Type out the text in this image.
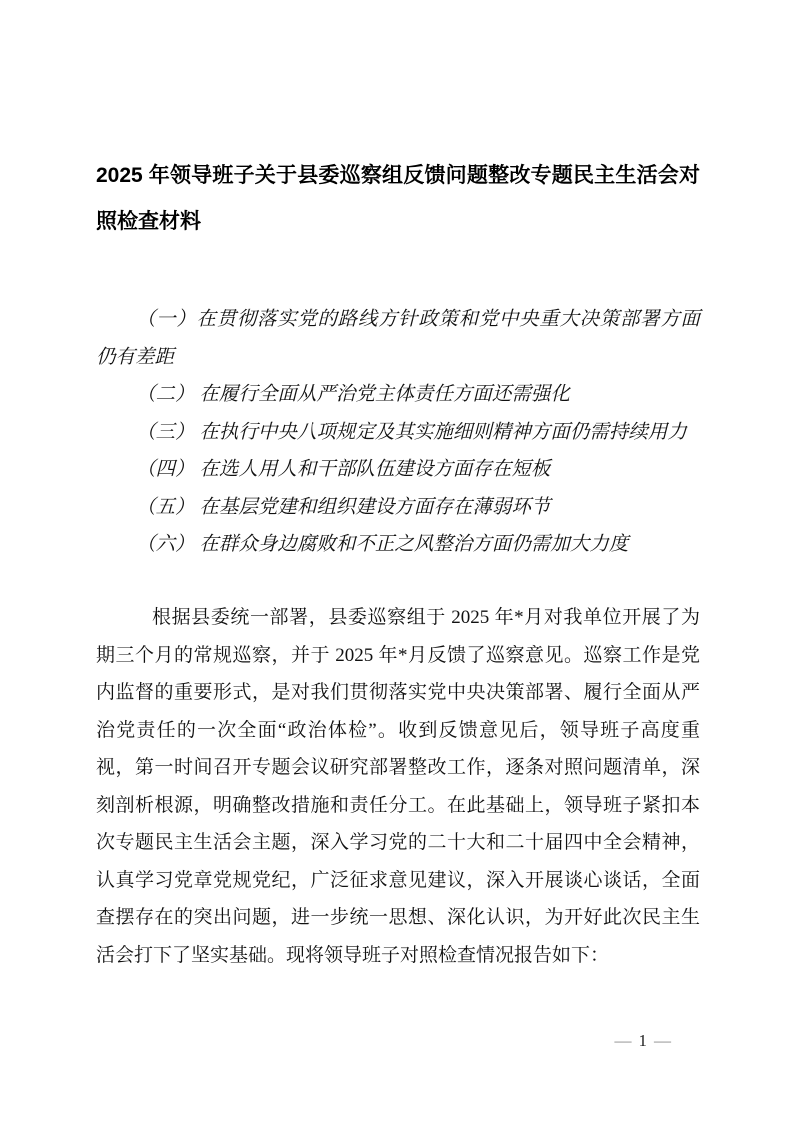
2025 年领导班子关于县委巡察组反馈问题整改专题民主生活会对照检查材料

（一）在贯彻落实党的路线方针政策和党中央重大决策部署方面仍有差距

（二） 在履行全面从严治党主体责任方面还需强化

（三） 在执行中央八项规定及其实施细则精神方面仍需持续用力

（四） 在选人用人和干部队伍建设方面存在短板

（五） 在基层党建和组织建设方面存在薄弱环节

（六） 在群众身边腐败和不正之风整治方面仍需加大力度

根据县委统一部署，县委巡察组于 2025 年*月对我单位开展了为期三个月的常规巡察，并于 2025 年*月反馈了巡察意见。巡察工作是党内监督的重要形式，是对我们贯彻落实党中央决策部署、履行全面从严治党责任的一次全面“政治体检”。收到反馈意见后，领导班子高度重视，第一时间召开专题会议研究部署整改工作，逐条对照问题清单，深刻剖析根源，明确整改措施和责任分工。在此基础上，领导班子紧扣本次专题民主生活会主题，深入学习党的二十大和二十届四中全会精神，认真学习党章党规党纪，广泛征求意见建议，深入开展谈心谈话，全面查摆存在的突出问题，进一步统一思想、深化认识，为开好此次民主生活会打下了坚实基础。现将领导班子对照检查情况报告如下：

— 1 —
